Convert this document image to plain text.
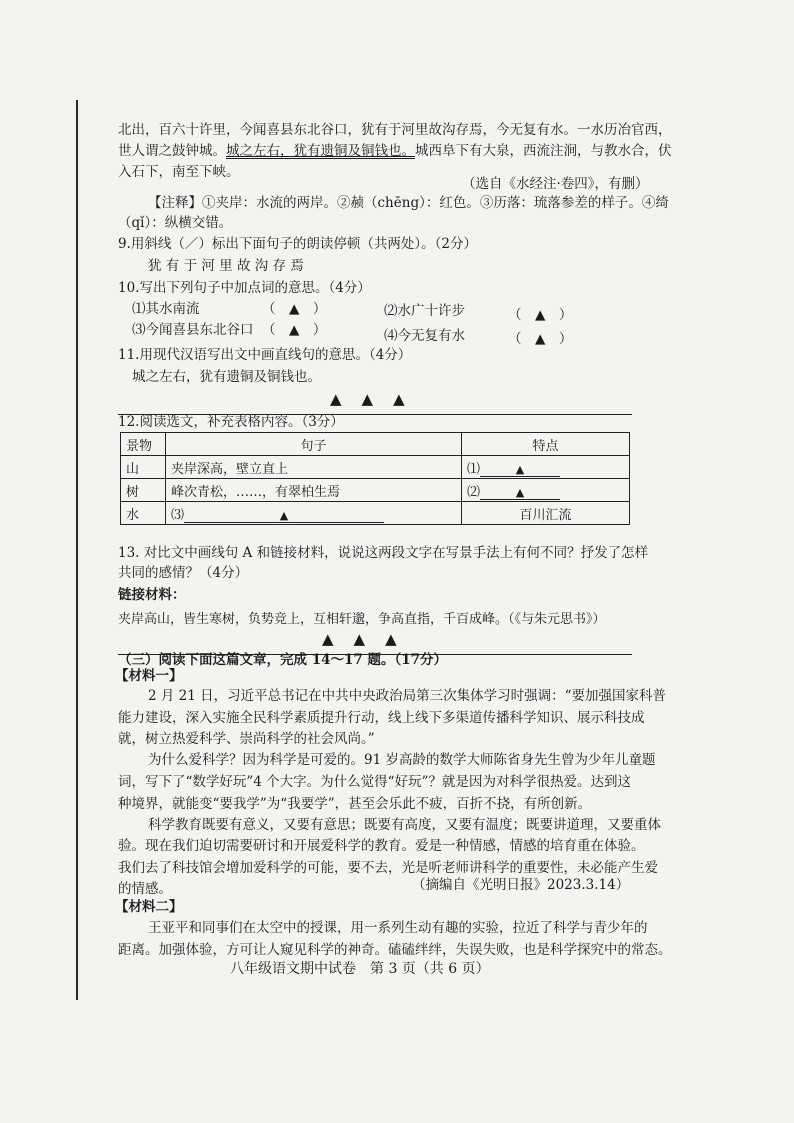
北出，百六十许里，今闻喜县东北谷口，犹有于河里故沟存焉，今无复有水。一水历冶官西，
世人谓之鼓钟城。城之左右，犹有遗铜及铜钱也。城西阜下有大泉，西流注涧，与教水合，伏
入石下，南至下峡。
（选自《水经注·卷四》，有删）
【注释】①夹岸：水流的两岸。②赪（chēng）：红色。③历落：琉落参差的样子。④绮
（qǐ）：纵横交错。
9.用斜线（／）标出下面句子的朗读停顿（共两处）。（2分）
犹 有 于 河 里 故 沟 存 焉
10.写出下列句子中加点词的意思。（4分）
⑴其水南流	（　▲　）	⑵水广十许步	（　▲　）
⑶今闻喜县东北谷口 （　▲　）	⑷今无复有水	（　▲　）
11.用现代汉语写出文中画直线句的意思。（4分）
城之左右，犹有遗铜及铜钱也。
▲▲▲
12.阅读选文，补充表格内容。（3分）
景物	句子	特点
山	夹岸深高，壁立直上	⑴ ▲
树	峰次青松，……，有翠柏生焉	⑵ ▲
水	⑶ ▲	百川汇流
13. 对比文中画线句 A 和链接材料，说说这两段文字在写景手法上有何不同？抒发了怎样
共同的感情？（4分）
链接材料：
夹岸高山，皆生寒树，负势竞上，互相轩邈，争高直指，千百成峰。（《与朱元思书》）
▲▲▲
（三）阅读下面这篇文章，完成 14～17 题。（17分）
【材料一】
2 月 21 日，习近平总书记在中共中央政治局第三次集体学习时强调：“要加强国家科普
能力建设，深入实施全民科学素质提升行动，线上线下多渠道传播科学知识、展示科技成
就，树立热爱科学、崇尚科学的社会风尚。”
为什么爱科学？因为科学是可爱的。91 岁高龄的数学大师陈省身先生曾为少年儿童题
词，写下了“数学好玩”4 个大字。为什么觉得“好玩”？就是因为对科学很热爱。达到这
种境界，就能变“要我学”为“我要学”，甚至会乐此不疲，百折不挠，有所创新。
科学教育既要有意义，又要有意思；既要有高度，又要有温度；既要讲道理，又要重体
验。现在我们迫切需要研讨和开展爱科学的教育。爱是一种情感，情感的培育重在体验。
我们去了科技馆会增加爱科学的可能，要不去，光是听老师讲科学的重要性，未必能产生爱
的情感。	（摘编自《光明日报》2023.3.14）
【材料二】
王亚平和同事们在太空中的授课，用一系列生动有趣的实验，拉近了科学与青少年的
距离。加强体验，方可让人窥见科学的神奇。磕磕绊绊，失误失败，也是科学探究中的常态。
八年级语文期中试卷　第 3 页（共 6 页）
